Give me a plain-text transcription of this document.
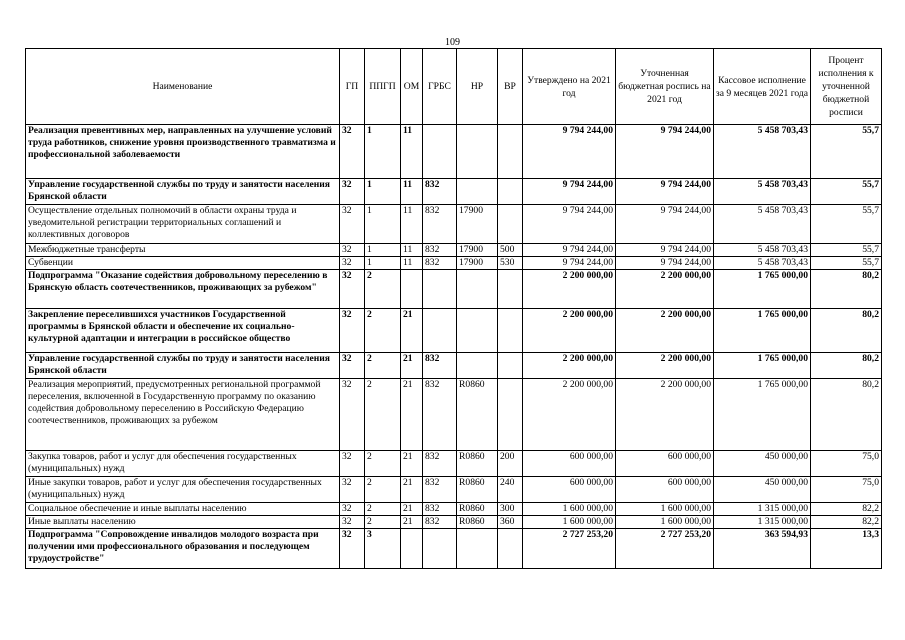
109
Наименование	ГП	ППГП	ОМ	ГРБС	НР	ВР	Утверждено на 2021 год	Уточненная бюджетная роспись на 2021 год	Кассовое исполнение за 9 месяцев 2021 года	Процент исполнения к уточненной бюджетной росписи
Реализация превентивных мер, направленных на улучшение условий труда работников, снижение уровня производственного травматизма и профессиональной заболеваемости	32	1	11				9 794 244,00	9 794 244,00	5 458 703,43	55,7
Управление государственной службы по труду и занятости населения Брянской области	32	1	11	832			9 794 244,00	9 794 244,00	5 458 703,43	55,7
Осуществление отдельных полномочий в области охраны труда и уведомительной регистрации территориальных соглашений и коллективных договоров	32	1	11	832	17900		9 794 244,00	9 794 244,00	5 458 703,43	55,7
Межбюджетные трансферты	32	1	11	832	17900	500	9 794 244,00	9 794 244,00	5 458 703,43	55,7
Субвенции	32	1	11	832	17900	530	9 794 244,00	9 794 244,00	5 458 703,43	55,7
Подпрограмма "Оказание содействия добровольному переселению в Брянскую область соотечественников, проживающих за рубежом"	32	2					2 200 000,00	2 200 000,00	1 765 000,00	80,2
Закрепление переселившихся участников Государственной программы в Брянской области и обеспечение их социально-культурной адаптации и интеграции в российское общество	32	2	21				2 200 000,00	2 200 000,00	1 765 000,00	80,2
Управление государственной службы по труду и занятости населения Брянской области	32	2	21	832			2 200 000,00	2 200 000,00	1 765 000,00	80,2
Реализация мероприятий, предусмотренных региональной программой переселения, включенной в Государственную программу по оказанию содействия добровольному переселению в Российскую Федерацию соотечественников, проживающих за рубежом	32	2	21	832	R0860		2 200 000,00	2 200 000,00	1 765 000,00	80,2
Закупка товаров, работ и услуг для обеспечения государственных (муниципальных) нужд	32	2	21	832	R0860	200	600 000,00	600 000,00	450 000,00	75,0
Иные закупки товаров, работ и услуг для обеспечения государственных (муниципальных) нужд	32	2	21	832	R0860	240	600 000,00	600 000,00	450 000,00	75,0
Социальное обеспечение и иные выплаты населению	32	2	21	832	R0860	300	1 600 000,00	1 600 000,00	1 315 000,00	82,2
Иные выплаты населению	32	2	21	832	R0860	360	1 600 000,00	1 600 000,00	1 315 000,00	82,2
Подпрограмма "Сопровождение инвалидов молодого возраста при получении ими профессионального образования и последующем трудоустройстве"	32	3					2 727 253,20	2 727 253,20	363 594,93	13,3
